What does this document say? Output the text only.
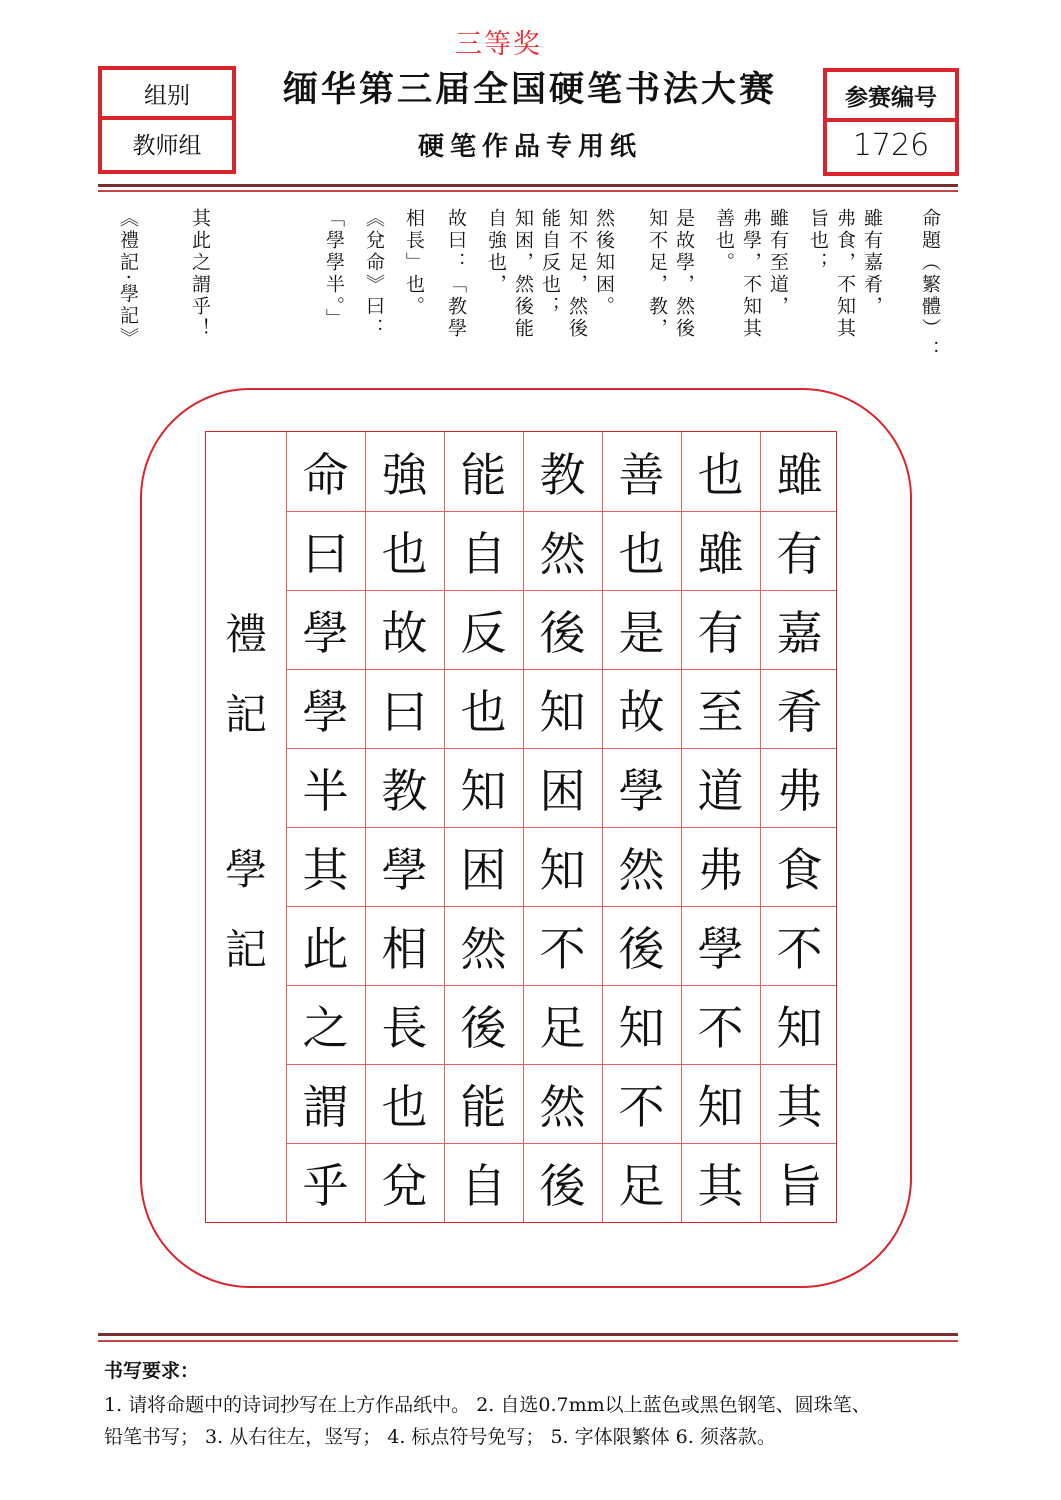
三等奖
组别
教师组
缅华第三届全国硬笔书法大赛
硬笔作品专用纸
参赛编号
1726
命題（繁體）：
雖有嘉肴，
弗食，不知其
旨也；
雖有至道，
弗學，不知其
善也。
是故學，然後
知不足，教，
然後知困。
知不足，然後
能自反也；
知困，然後能
自強也，
故曰：「教學
相長」也。
《兌命》曰：
「學學半。」
其此之謂乎！
《禮記·學記》
禮
記
學
記
雖
有
嘉
肴
弗
食
不
知
其
旨
也
雖
有
至
道
弗
學
不
知
其
善
也
是
故
學
然
後
知
不
足
教
然
後
知
困
知
不
足
然
後
能
自
反
也
知
困
然
後
能
自
強
也
故
曰
教
學
相
長
也
兌
命
曰
學
學
半
其
此
之
謂
乎
书写要求：
1. 请将命题中的诗词抄写在上方作品纸中。 2. 自选0.7mm以上蓝色或黑色钢笔、圆珠笔、
铅笔书写； 3. 从右往左，竖写； 4. 标点符号免写； 5. 字体限繁体 6. 须落款。
